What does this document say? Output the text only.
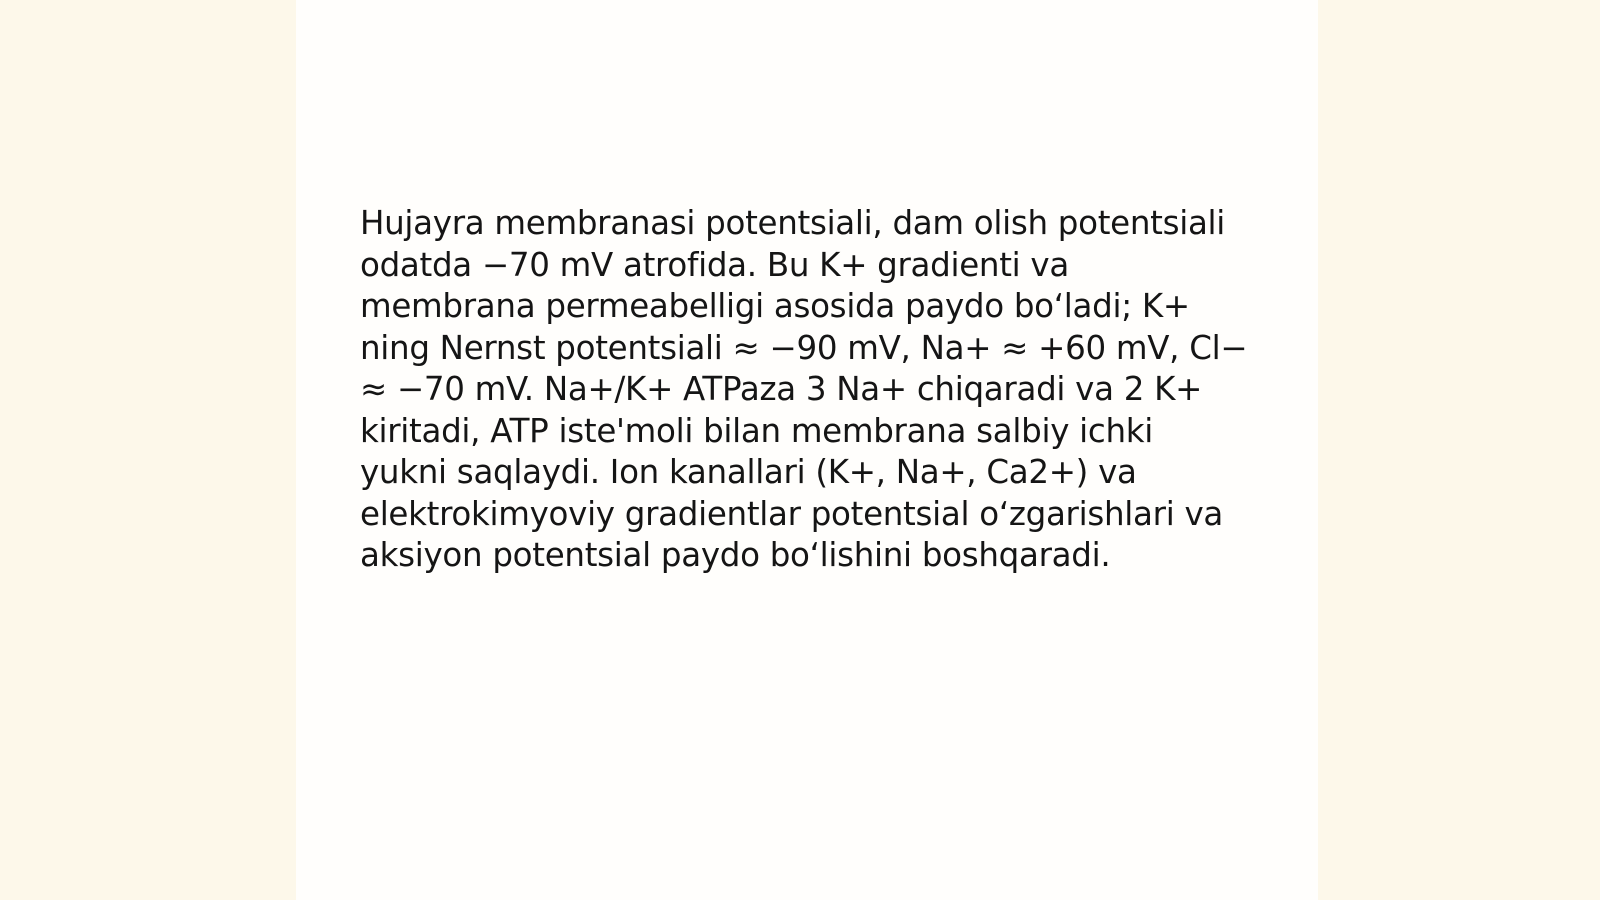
Hujayra membranasi potentsiali, dam olish potentsiali
odatda −70 mV atrofida. Bu K+ gradienti va
membrana permeabelligi asosida paydo boʻladi; K+
ning Nernst potentsiali ≈ −90 mV, Na+ ≈ +60 mV, Cl−
≈ −70 mV. Na+/K+ ATPaza 3 Na+ chiqaradi va 2 K+
kiritadi, ATP iste'moli bilan membrana salbiy ichki
yukni saqlaydi. Ion kanallari (K+, Na+, Ca2+) va
elektrokimyoviy gradientlar potentsial oʻzgarishlari va
aksiyon potentsial paydo boʻlishini boshqaradi.
